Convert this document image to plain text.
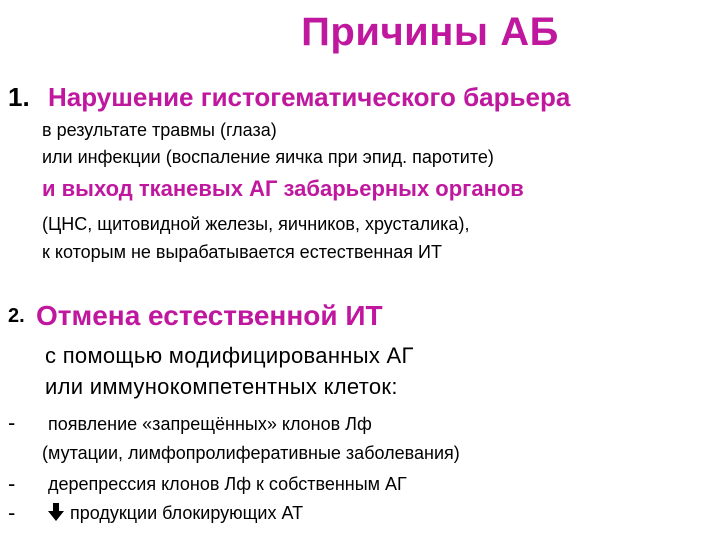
Причины АБ
1. Нарушение гистогематического барьера
в результате травмы (глаза)
или инфекции (воспаление яичка при эпид. паротите)
и выход тканевых АГ забарьерных органов
(ЦНС, щитовидной железы, яичников, хрусталика),
к которым не вырабатывается естественная ИТ
2. Отмена естественной ИТ
с помощью модифицированных АГ
или иммунокомпетентных клеток:
- появление «запрещённых» клонов Лф
(мутации, лимфопролиферативные заболевания)
- дерепрессия клонов Лф к собственным АГ
-	продукции блокирующих АТ
